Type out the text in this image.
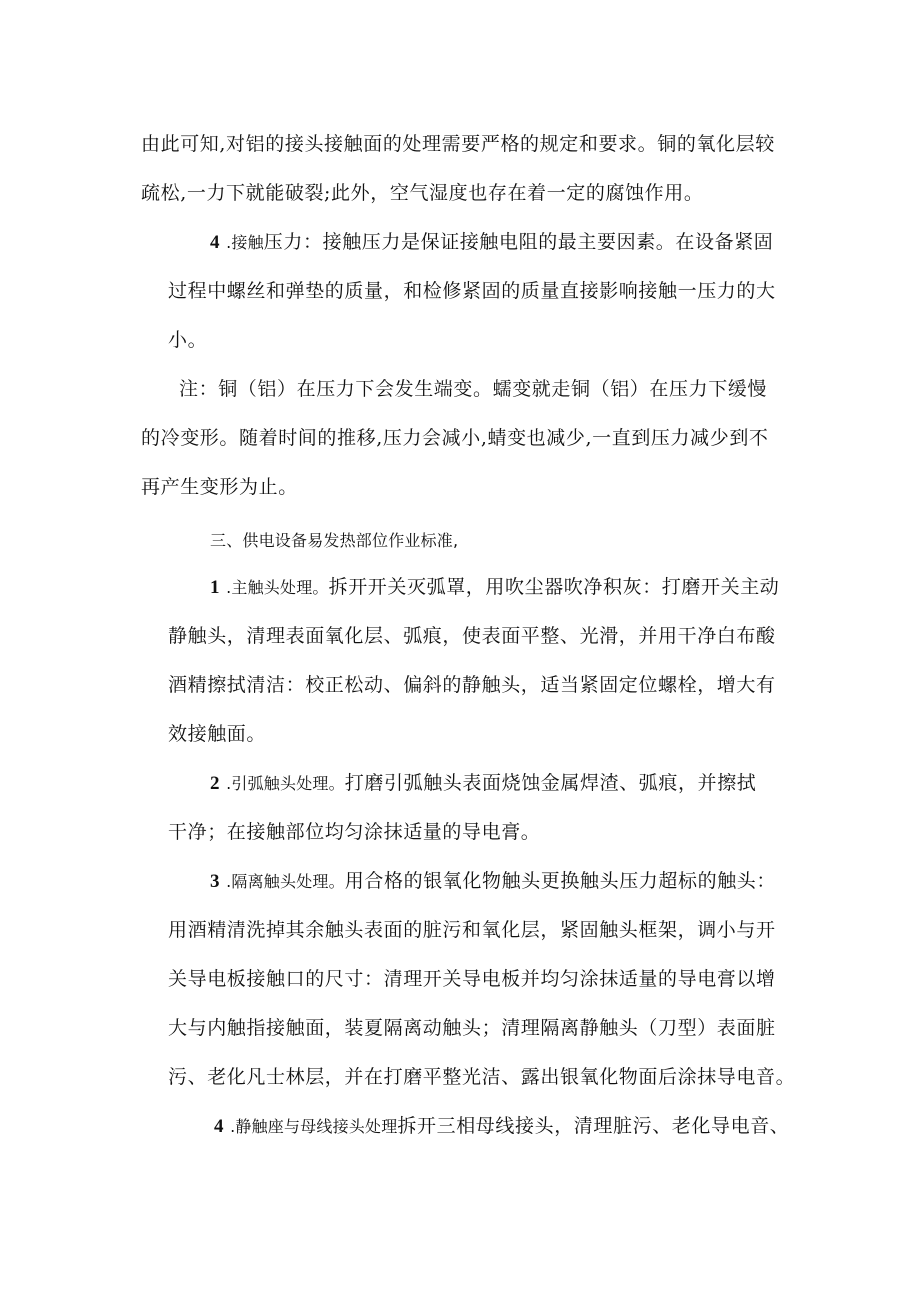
由此可知,对铝的接头接触面的处理需要严格的规定和要求。铜的氧化层较
疏松,一力下就能破裂;此外，空气湿度也存在着一定的腐蚀作用。
4 .接触压力：接触压力是保证接触电阻的最主要因素。在设备紧固
过程中螺丝和弹垫的质量，和检修紧固的质量直接影响接触一压力的大
小。
注：铜（铝）在压力下会发生端变。蠕变就走铜（铝）在压力下缓慢
的冷变形。随着时间的推移,压力会减小,蜻变也减少,一直到压力减少到不
再产生变形为止。
三、供电设备易发热部位作业标准,
1 .主触头处理。拆开开关灭弧罩，用吹尘器吹净积灰：打磨开关主动
静触头，清理表面氧化层、弧痕，使表面平整、光滑，并用干净白布酸
酒精擦拭清洁：校正松动、偏斜的静触头，适当紧固定位螺栓，增大有
效接触面。
2 .引弧触头处理。打磨引弧触头表面烧蚀金属焊渣、弧痕，并擦拭
干净；在接触部位均匀涂抹适量的导电膏。
3 .隔离触头处理。用合格的银氧化物触头更换触头压力超标的触头：
用酒精清洗掉其余触头表面的脏污和氧化层，紧固触头框架，调小与开
关导电板接触口的尺寸：清理开关导电板并均匀涂抹适量的导电膏以增
大与内触指接触面，装夏隔离动触头；清理隔离静触头（刀型）表面脏
污、老化凡士林层，并在打磨平整光洁、露出银氧化物面后涂抹导电音。
4 .静触座与母线接头处理拆开三相母线接头，清理脏污、老化导电音、
